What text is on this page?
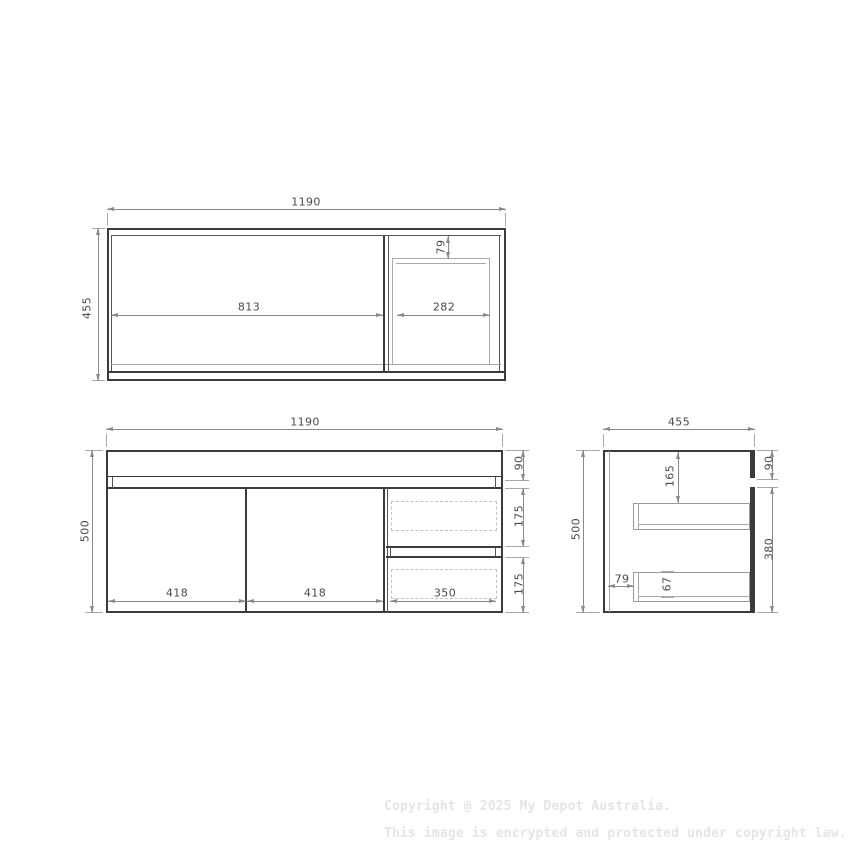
1190
455	813	282
79
1190
500
90
175
175
418	418	350
455
500
165
90
380
79	67
Copyright @ 2025 My Depot Australia.
This image is encrypted and protected under copyright law.
